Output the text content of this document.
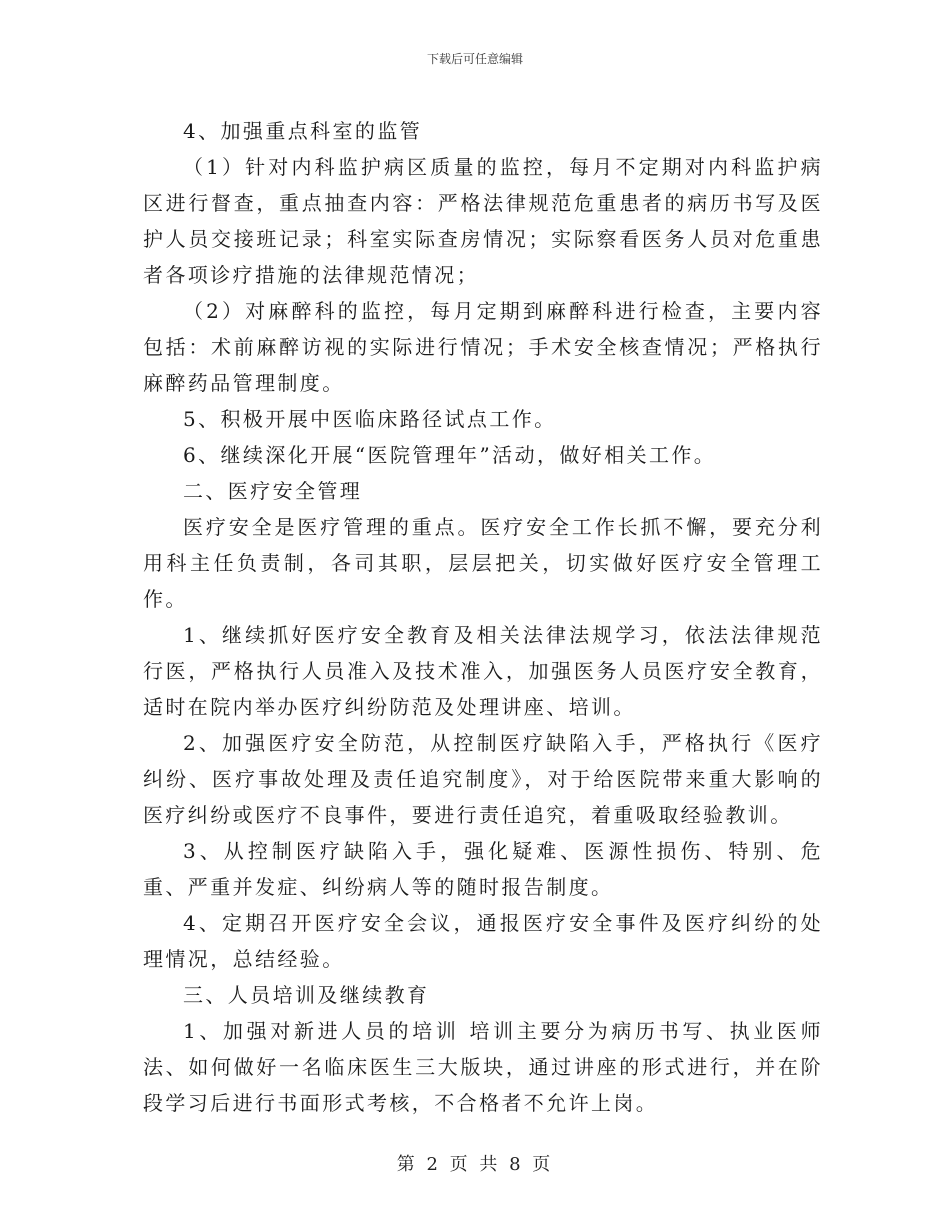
下载后可任意编辑

4、加强重点科室的监管

（1）针对内科监护病区质量的监控，每月不定期对内科监护病区进行督查，重点抽查内容：严格法律规范危重患者的病历书写及医护人员交接班记录；科室实际查房情况；实际察看医务人员对危重患者各项诊疗措施的法律规范情况；

（2）对麻醉科的监控，每月定期到麻醉科进行检查，主要内容包括：术前麻醉访视的实际进行情况；手术安全核查情况；严格执行麻醉药品管理制度。

5、积极开展中医临床路径试点工作。

6、继续深化开展“医院管理年”活动，做好相关工作。

二、医疗安全管理

医疗安全是医疗管理的重点。医疗安全工作长抓不懈，要充分利用科主任负责制，各司其职，层层把关，切实做好医疗安全管理工作。

1、继续抓好医疗安全教育及相关法律法规学习，依法法律规范行医，严格执行人员准入及技术准入，加强医务人员医疗安全教育，适时在院内举办医疗纠纷防范及处理讲座、培训。

2、加强医疗安全防范，从控制医疗缺陷入手，严格执行《医疗纠纷、医疗事故处理及责任追究制度》，对于给医院带来重大影响的医疗纠纷或医疗不良事件，要进行责任追究，着重吸取经验教训。

3、从控制医疗缺陷入手，强化疑难、医源性损伤、特别、危重、严重并发症、纠纷病人等的随时报告制度。

4、定期召开医疗安全会议，通报医疗安全事件及医疗纠纷的处理情况，总结经验。

三、人员培训及继续教育

1、加强对新进人员的培训 培训主要分为病历书写、执业医师法、如何做好一名临床医生三大版块，通过讲座的形式进行，并在阶段学习后进行书面形式考核，不合格者不允许上岗。

第 2 页 共 8 页
